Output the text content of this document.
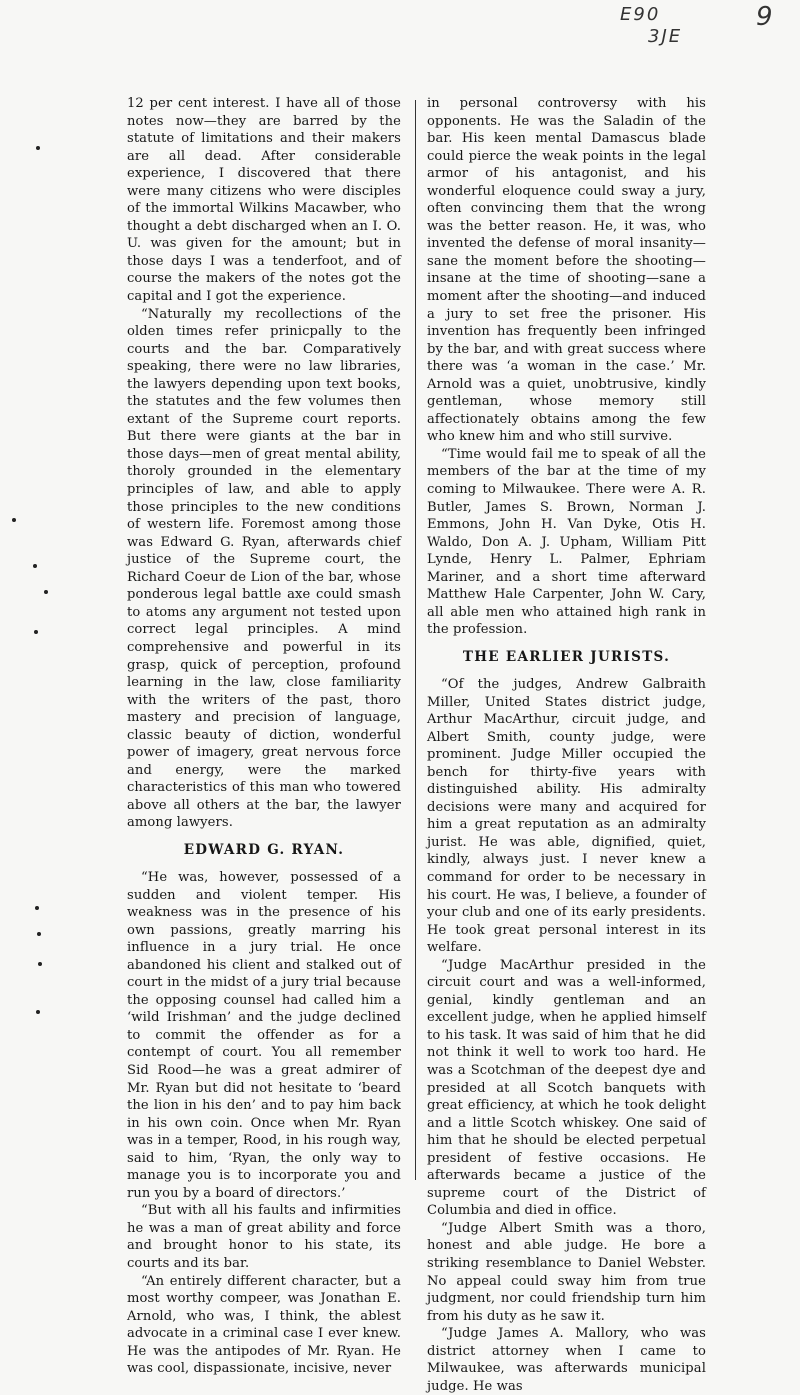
E90
3JE
9

12 per cent interest. I have all of those notes now—they are barred by the statute of limitations and their makers are all dead. After considerable experience, I discovered that there were many citizens who were disciples of the immortal Wilkins Macawber, who thought a debt discharged when an I. O. U. was given for the amount; but in those days I was a tenderfoot, and of course the makers of the notes got the capital and I got the experience.

“Naturally my recollections of the olden times refer prinicpally to the courts and the bar. Comparatively speaking, there were no law libraries, the lawyers depending upon text books, the statutes and the few volumes then extant of the Supreme court reports. But there were giants at the bar in those days—men of great mental ability, thoroly grounded in the elementary principles of law, and able to apply those principles to the new conditions of western life. Foremost among those was Edward G. Ryan, afterwards chief justice of the Supreme court, the Richard Coeur de Lion of the bar, whose ponderous legal battle axe could smash to atoms any argument not tested upon correct legal principles. A mind comprehensive and powerful in its grasp, quick of perception, profound learning in the law, close familiarity with the writers of the past, thoro mastery and precision of language, classic beauty of diction, wonderful power of imagery, great nervous force and energy, were the marked characteristics of this man who towered above all others at the bar, the lawyer among lawyers.

EDWARD G. RYAN.

“He was, however, possessed of a sudden and violent temper. His weakness was in the presence of his own passions, greatly marring his influence in a jury trial. He once abandoned his client and stalked out of court in the midst of a jury trial because the opposing counsel had called him a ‘wild Irishman’ and the judge declined to commit the offender as for a contempt of court. You all remember Sid Rood—he was a great admirer of Mr. Ryan but did not hesitate to ‘beard the lion in his den’ and to pay him back in his own coin. Once when Mr. Ryan was in a temper, Rood, in his rough way, said to him, ‘Ryan, the only way to manage you is to incorporate you and run you by a board of directors.’

“But with all his faults and infirmities he was a man of great ability and force and brought honor to his state, its courts and its bar.

“An entirely different character, but a most worthy compeer, was Jonathan E. Arnold, who was, I think, the ablest advocate in a criminal case I ever knew. He was the antipodes of Mr. Ryan. He was cool, dispassionate, incisive, never

in personal controversy with his opponents. He was the Saladin of the bar. His keen mental Damascus blade could pierce the weak points in the legal armor of his antagonist, and his wonderful eloquence could sway a jury, often convincing them that the wrong was the better reason. He, it was, who invented the defense of moral insanity—sane the moment before the shooting—insane at the time of shooting—sane a moment after the shooting—and induced a jury to set free the prisoner. His invention has frequently been infringed by the bar, and with great success where there was ‘a woman in the case.’ Mr. Arnold was a quiet, unobtrusive, kindly gentleman, whose memory still affectionately obtains among the few who knew him and who still survive.

“Time would fail me to speak of all the members of the bar at the time of my coming to Milwaukee. There were A. R. Butler, James S. Brown, Norman J. Emmons, John H. Van Dyke, Otis H. Waldo, Don A. J. Upham, William Pitt Lynde, Henry L. Palmer, Ephriam Mariner, and a short time afterward Matthew Hale Carpenter, John W. Cary, all able men who attained high rank in the profession.

THE EARLIER JURISTS.

“Of the judges, Andrew Galbraith Miller, United States district judge, Arthur MacArthur, circuit judge, and Albert Smith, county judge, were prominent. Judge Miller occupied the bench for thirty-five years with distinguished ability. His admiralty decisions were many and acquired for him a great reputation as an admiralty jurist. He was able, dignified, quiet, kindly, always just. I never knew a command for order to be necessary in his court. He was, I believe, a founder of your club and one of its early presidents. He took great personal interest in its welfare.

“Judge MacArthur presided in the circuit court and was a well-informed, genial, kindly gentleman and an excellent judge, when he applied himself to his task. It was said of him that he did not think it well to work too hard. He was a Scotchman of the deepest dye and presided at all Scotch banquets with great efficiency, at which he took delight and a little Scotch whiskey. One said of him that he should be elected perpetual president of festive occasions. He afterwards became a justice of the supreme court of the District of Columbia and died in office.

“Judge Albert Smith was a thoro, honest and able judge. He bore a striking resemblance to Daniel Webster. No appeal could sway him from true judgment, nor could friendship turn him from his duty as he saw it.

“Judge James A. Mallory, who was district attorney when I came to Milwaukee, was afterwards municipal judge. He was
